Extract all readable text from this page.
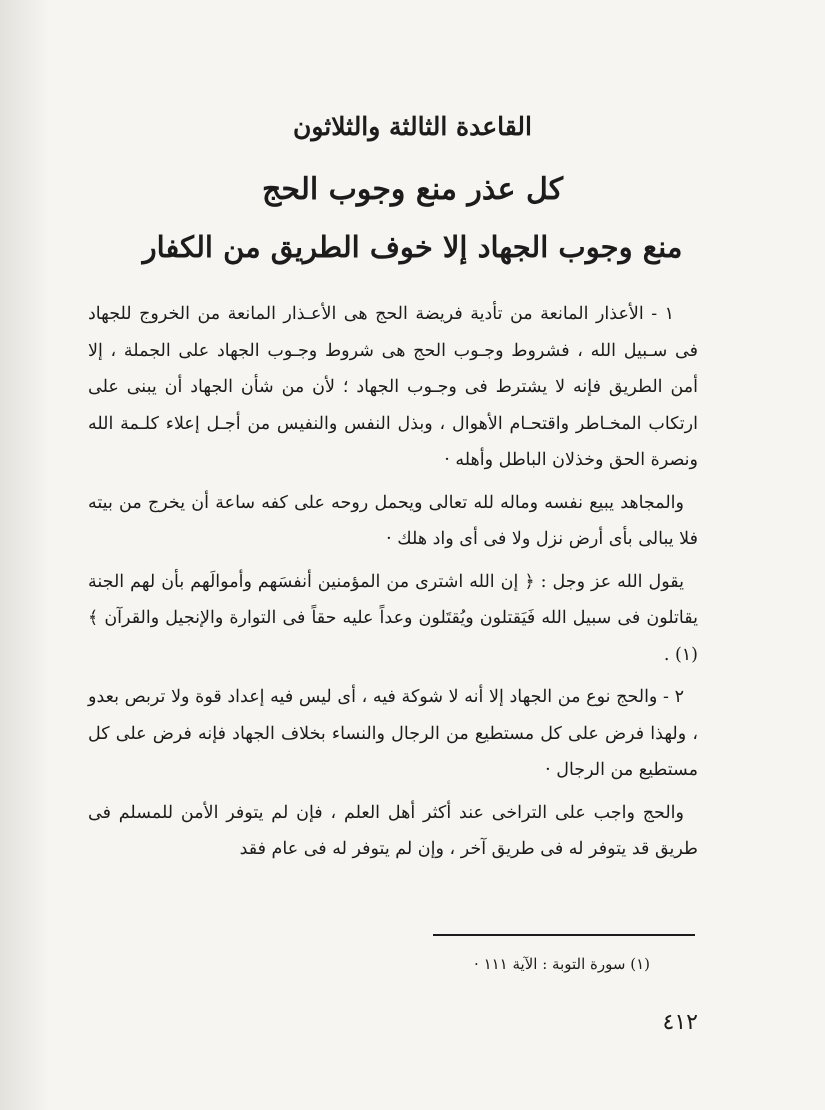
القاعدة الثالثة والثلاثون
كل عذر منع وجوب الحج
منع وجوب الجهاد إلا خوف الطريق من الكفار

١ - الأعذار المانعة من تأدية فريضة الحج هى الأعـذار المانعة من الخروج للجهاد فى سـبيل الله ، فشروط وجـوب الحج هى شروط وجـوب الجهاد على الجملة ، إلا أمن الطريق فإنه لا يشترط فى وجـوب الجهاد ؛ لأن من شأن الجهاد أن يبنى على ارتكاب المخـاطر واقتحـام الأهوال ، وبذل النفس والنفيس من أجـل إعلاء كلـمة الله ونصرة الحق وخذلان الباطل وأهله ·

والمجاهد يبيع نفسه وماله لله تعالى ويحمل روحه على كفه ساعة أن يخرج من بيته فلا يبالى بأى أرض نزل ولا فى أى واد هلك ·

يقول الله عز وجل : ﴿ إن الله اشترى من المؤمنين أنفسَهم وأموالَهم بأن لهم الجنة يقاتلون فى سبيل الله فَيَقتلون ويُقتَلون وعداً عليه حقاً فى التوارة والإنجيل والقرآن ﴾ (١) .

٢ - والحج نوع من الجهاد إلا أنه لا شوكة فيه ، أى ليس فيه إعداد قوة ولا تربص بعدو ، ولهذا فرض على كل مستطيع من الرجال والنساء بخلاف الجهاد فإنه فرض على كل مستطيع من الرجال ·

والحج واجب على التراخى عند أكثر أهل العلم ، فإن لم يتوفر الأمن للمسلم فى طريق قد يتوفر له فى طريق آخر ، وإن لم يتوفر له فى عام فقد

(١) سورة التوبة : الآية ١١١ ·
٤١٢
